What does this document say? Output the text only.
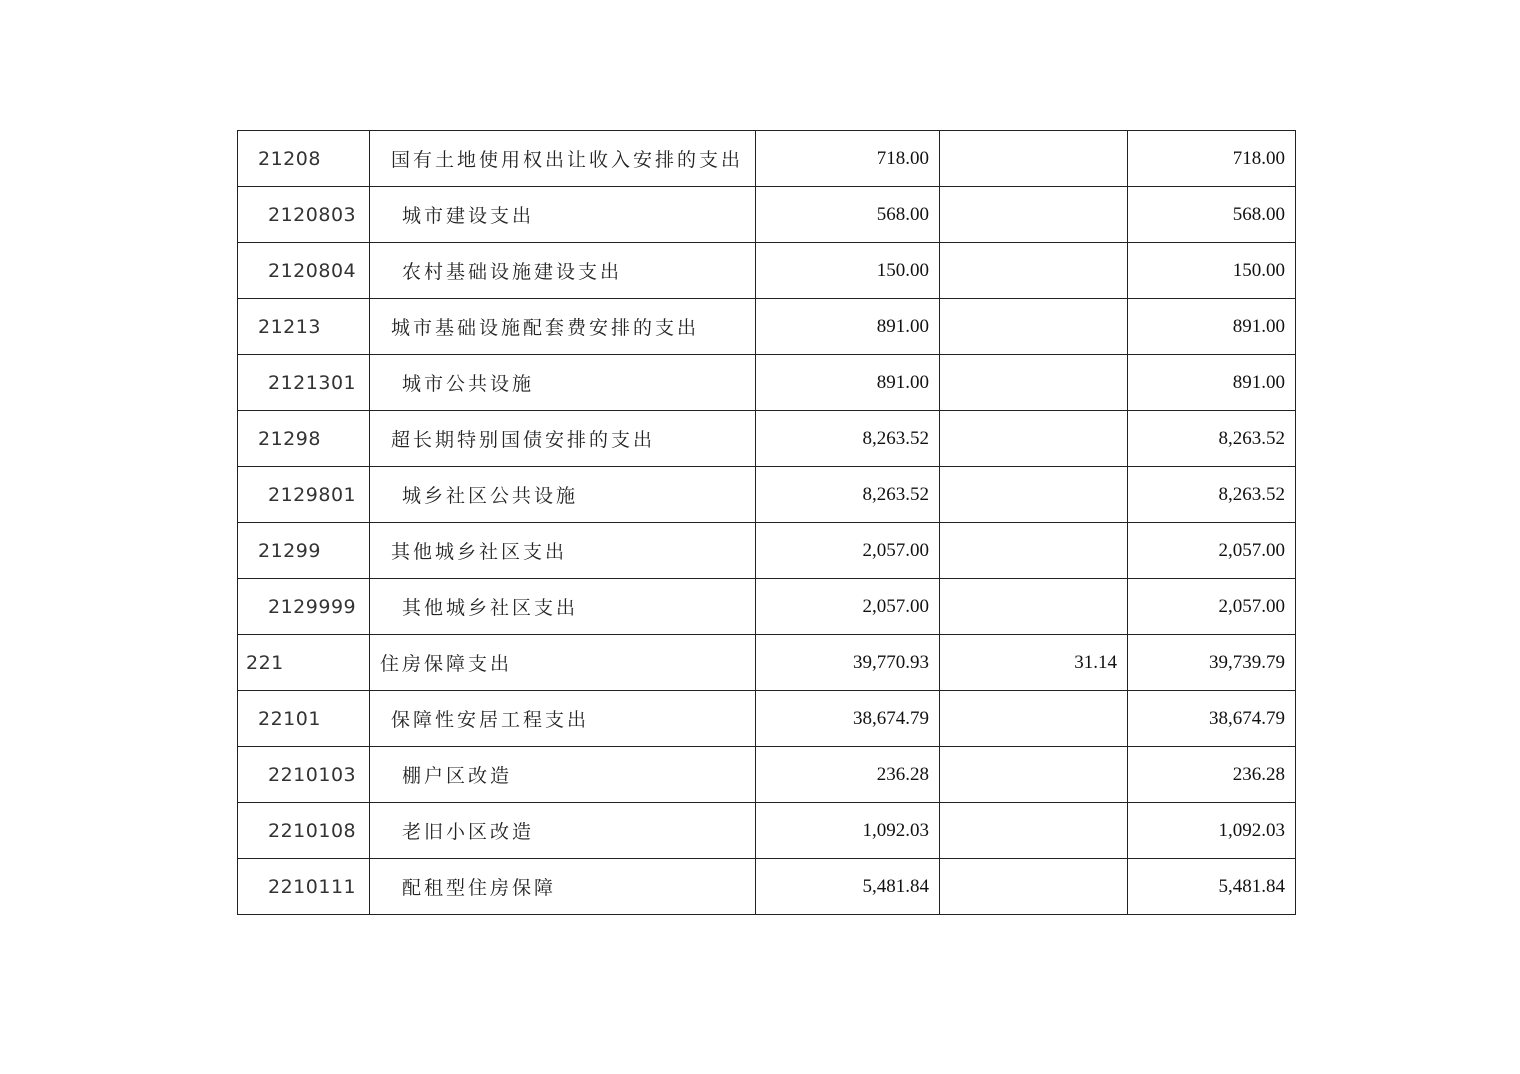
21208	国有土地使用权出让收入安排的支出	718.00		718.00
2120803	城市建设支出	568.00		568.00
2120804	农村基础设施建设支出	150.00		150.00
21213	城市基础设施配套费安排的支出	891.00		891.00
2121301	城市公共设施	891.00		891.00
21298	超长期特别国债安排的支出	8,263.52		8,263.52
2129801	城乡社区公共设施	8,263.52		8,263.52
21299	其他城乡社区支出	2,057.00		2,057.00
2129999	其他城乡社区支出	2,057.00		2,057.00
221	住房保障支出	39,770.93	31.14	39,739.79
22101	保障性安居工程支出	38,674.79		38,674.79
2210103	棚户区改造	236.28		236.28
2210108	老旧小区改造	1,092.03		1,092.03
2210111	配租型住房保障	5,481.84		5,481.84
